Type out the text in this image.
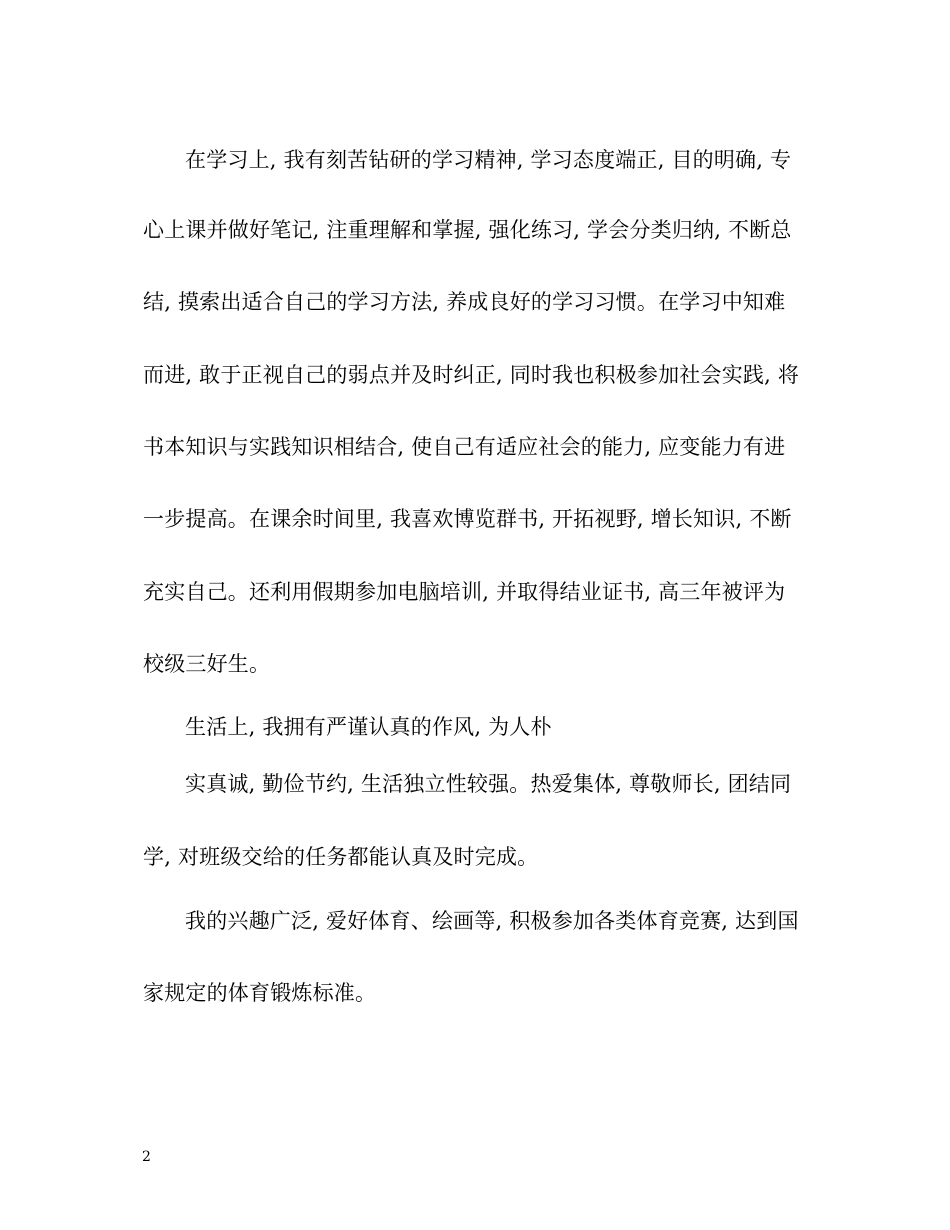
在学习上, 我有刻苦钻研的学习精神, 学习态度端正, 目的明确, 专
心上课并做好笔记, 注重理解和掌握, 强化练习, 学会分类归纳, 不断总
结, 摸索出适合自己的学习方法, 养成良好的学习习惯。在学习中知难
而进, 敢于正视自己的弱点并及时纠正, 同时我也积极参加社会实践, 将
书本知识与实践知识相结合, 使自己有适应社会的能力, 应变能力有进
一步提高。在课余时间里, 我喜欢博览群书, 开拓视野, 增长知识, 不断
充实自己。还利用假期参加电脑培训, 并取得结业证书, 高三年被评为
校级三好生。
生活上, 我拥有严谨认真的作风, 为人朴
实真诚, 勤俭节约, 生活独立性较强。热爱集体, 尊敬师长, 团结同
学, 对班级交给的任务都能认真及时完成。
我的兴趣广泛, 爱好体育、绘画等, 积极参加各类体育竞赛, 达到国
家规定的体育锻炼标准。
2
